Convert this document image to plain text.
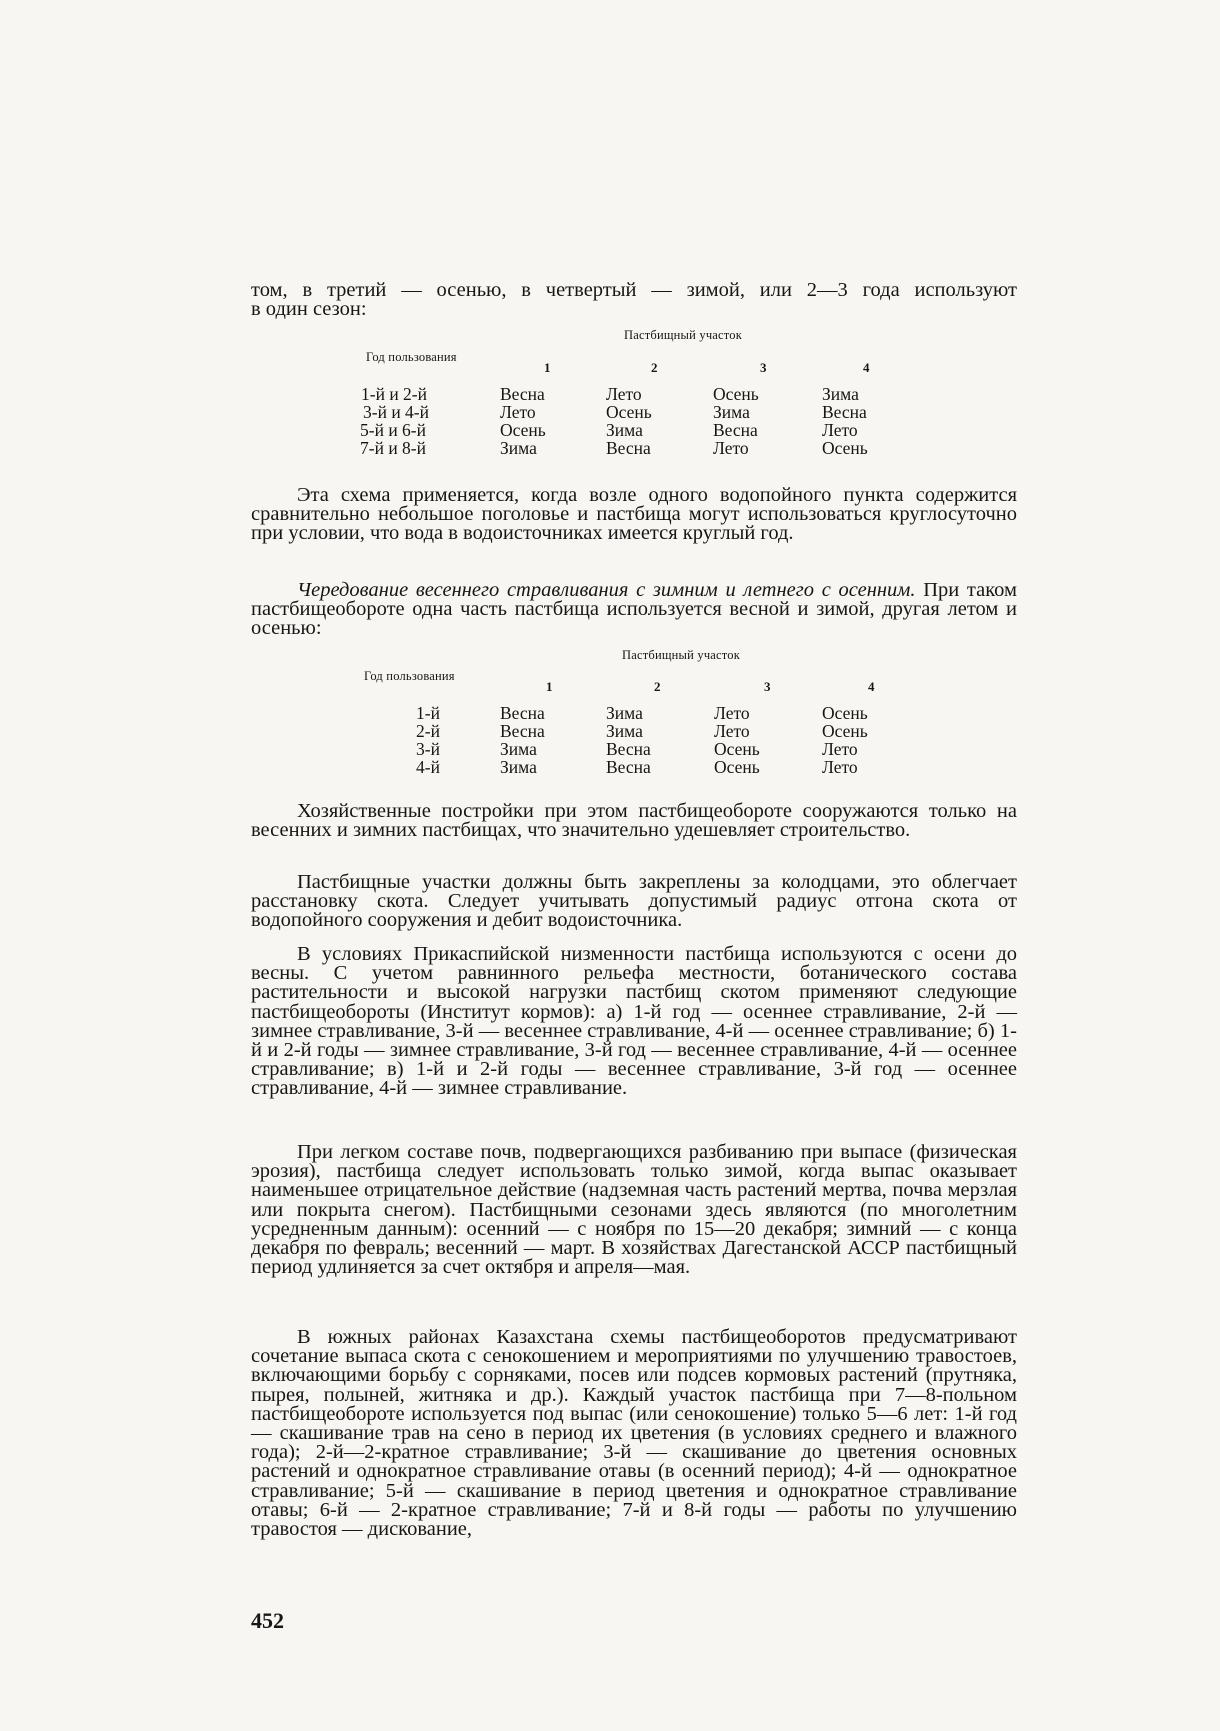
том, в третий — осенью, в четвертый — зимой, или 2—3 года используют
в один сезон:
Пастбищный участок
Год пользования
1	2	3	4
1-й и 2-й	Весна	Лето	Осень	Зима
3-й и 4-й	Лето	Осень	Зима	Весна
5-й и 6-й	Осень	Зима	Весна	Лето
7-й и 8-й	Зима	Весна	Лето	Осень
Эта схема применяется, когда возле одного водопойного пункта содержится сравнительно небольшое поголовье и пастбища могут использоваться круглосуточно при условии, что вода в водоисточниках имеется круглый год.
Чередование весеннего стравливания с зимним и летнего с осенним. При таком пастбищеобороте одна часть пастбища используется весной и зимой, другая летом и осенью:
Пастбищный участок
Год пользования
1	2	3	4
1-й	Весна	Зима	Лето	Осень
2-й	Весна	Зима	Лето	Осень
3-й	Зима	Весна	Осень	Лето
4-й	Зима	Весна	Осень	Лето
Хозяйственные постройки при этом пастбищеобороте сооружаются только на весенних и зимних пастбищах, что значительно удешевляет строительство.
Пастбищные участки должны быть закреплены за колодцами, это облегчает расстановку скота. Следует учитывать допустимый радиус отгона скота от водопойного сооружения и дебит водоисточника.
В условиях Прикаспийской низменности пастбища используются с осени до весны. С учетом равнинного рельефа местности, ботанического состава растительности и высокой нагрузки пастбищ скотом применяют следующие пастбищеобороты (Институт кормов): а) 1-й год — осеннее стравливание, 2-й — зимнее стравливание, 3-й — весеннее стравливание, 4-й — осеннее стравливание; б) 1-й и 2-й годы — зимнее стравливание, 3-й год — весеннее стравливание, 4-й — осеннее стравливание; в) 1-й и 2-й годы — весеннее стравливание, 3-й год — осеннее стравливание, 4-й — зимнее стравливание.
При легком составе почв, подвергающихся разбиванию при выпасе (физическая эрозия), пастбища следует использовать только зимой, когда выпас оказывает наименьшее отрицательное действие (надземная часть растений мертва, почва мерзлая или покрыта снегом). Пастбищными сезонами здесь являются (по многолетним усредненным данным): осенний — с ноября по 15—20 декабря; зимний — с конца декабря по февраль; весенний — март. В хозяйствах Дагестанской АССР пастбищный период удлиняется за счет октября и апреля—мая.
В южных районах Казахстана схемы пастбищеоборотов предусматривают сочетание выпаса скота с сенокошением и мероприятиями по улучшению травостоев, включающими борьбу с сорняками, посев или подсев кормовых растений (прутняка, пырея, полыней, житняка и др.). Каждый участок пастбища при 7—8-польном пастбищеобороте используется под выпас (или сенокошение) только 5—6 лет: 1-й год — скашивание трав на сено в период их цветения (в условиях среднего и влажного года); 2-й—2-кратное стравливание; 3-й — скашивание до цветения основных растений и однократное стравливание отавы (в осенний период); 4-й — однократное стравливание; 5-й — скашивание в период цветения и однократное стравливание отавы; 6-й — 2-кратное стравливание; 7-й и 8-й годы — работы по улучшению травостоя — дискование,
452
